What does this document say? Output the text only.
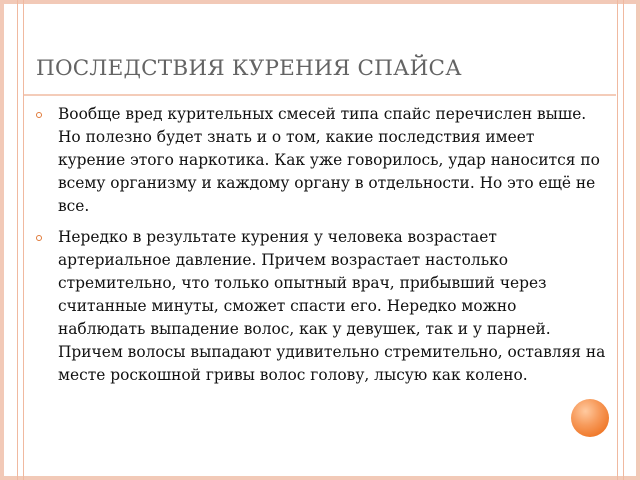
ПОСЛЕДСТВИЯ КУРЕНИЯ СПАЙСА
Вообще вред курительных смесей типа спайс перечислен выше. Но полезно будет знать и о том, какие последствия имеет курение этого наркотика. Как уже говорилось, удар наносится по всему организму и каждому органу в отдельности. Но это ещё не все.
Нередко в результате курения у человека возрастает артериальное давление. Причем возрастает настолько стремительно, что только опытный врач, прибывший через считанные минуты, сможет спасти его. Нередко можно наблюдать выпадение волос, как у девушек, так и у парней. Причем волосы выпадают удивительно стремительно, оставляя на месте роскошной гривы волос голову, лысую как колено.
